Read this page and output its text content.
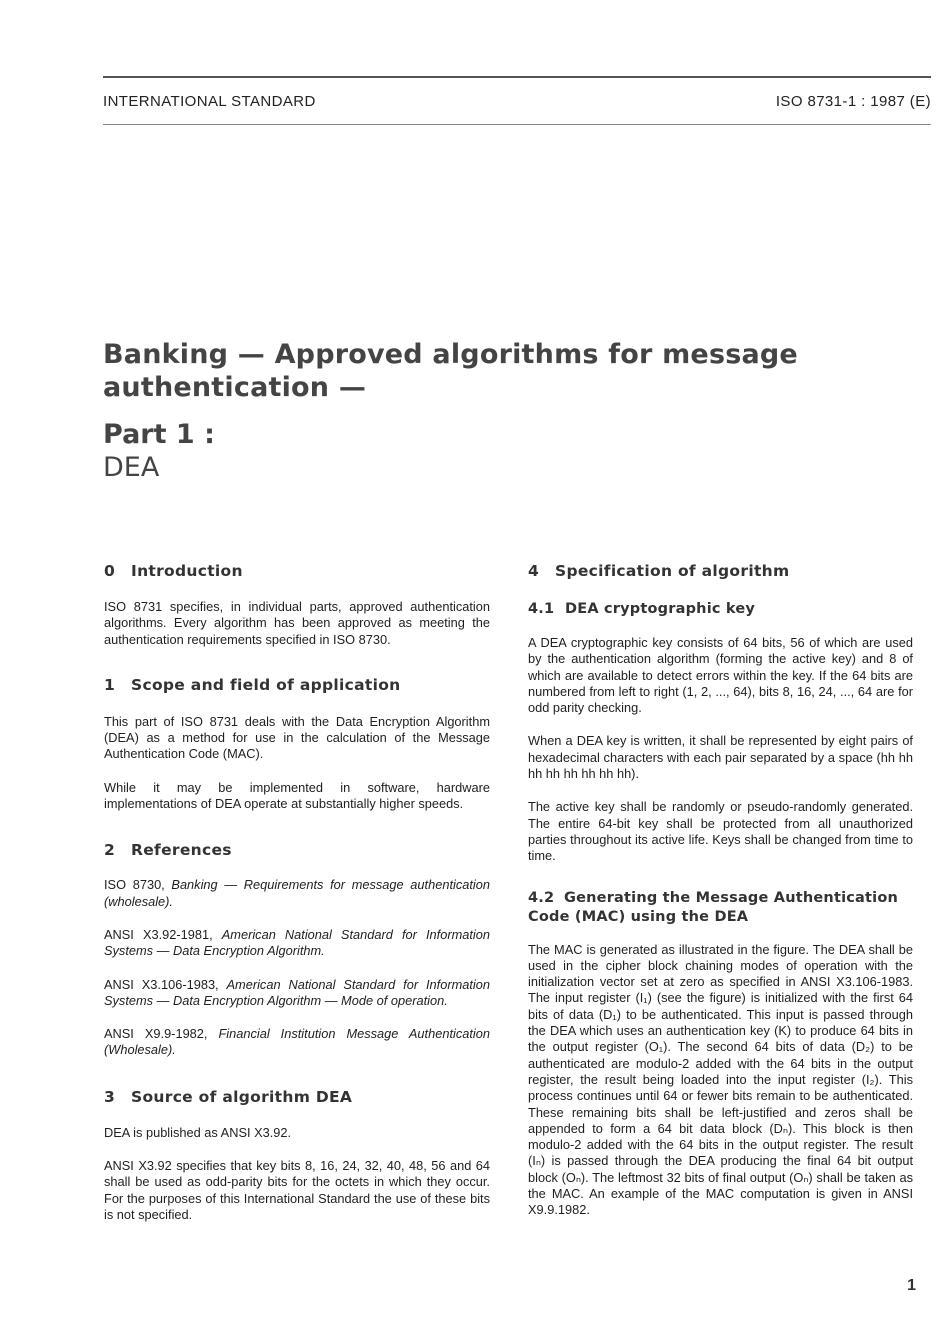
INTERNATIONAL STANDARD	ISO 8731-1 : 1987 (E)
Banking — Approved algorithms for message
authentication —
Part 1 :
DEA
0 Introduction

ISO 8731 specifies, in individual parts, approved authentication algorithms. Every algorithm has been approved as meeting the authentication requirements specified in ISO 8730.

1 Scope and field of application

This part of ISO 8731 deals with the Data Encryption Algorithm (DEA) as a method for use in the calculation of the Message Authentication Code (MAC).

While it may be implemented in software, hardware implementations of DEA operate at substantially higher speeds.

2 References

ISO 8730, Banking — Requirements for message authentication (wholesale).

ANSI X3.92-1981, American National Standard for Information Systems — Data Encryption Algorithm.

ANSI X3.106-1983, American National Standard for Information Systems — Data Encryption Algorithm — Mode of operation.

ANSI X9.9-1982, Financial Institution Message Authentication (Wholesale).

3 Source of algorithm DEA

DEA is published as ANSI X3.92.

ANSI X3.92 specifies that key bits 8, 16, 24, 32, 40, 48, 56 and 64 shall be used as odd-parity bits for the octets in which they occur. For the purposes of this International Standard the use of these bits is not specified.

4 Specification of algorithm
4.1 DEA cryptographic key

A DEA cryptographic key consists of 64 bits, 56 of which are used by the authentication algorithm (forming the active key) and 8 of which are available to detect errors within the key. If the 64 bits are numbered from left to right (1, 2, ..., 64), bits 8, 16, 24, ..., 64 are for odd parity checking.

When a DEA key is written, it shall be represented by eight pairs of hexadecimal characters with each pair separated by a space (hh hh hh hh hh hh hh hh).

The active key shall be randomly or pseudo-randomly generated. The entire 64-bit key shall be protected from all unauthorized parties throughout its active life. Keys shall be changed from time to time.

4.2 Generating the Message Authentication
Code (MAC) using the DEA

The MAC is generated as illustrated in the figure. The DEA shall be used in the cipher block chaining modes of operation with the initialization vector set at zero as specified in ANSI X3.106-1983. The input register (I₁) (see the figure) is initialized with the first 64 bits of data (D₁) to be authenticated. This input is passed through the DEA which uses an authentication key (K) to produce 64 bits in the output register (O₁). The second 64 bits of data (D₂) to be authenticated are modulo-2 added with the 64 bits in the output register, the result being loaded into the input register (I₂). This process continues until 64 or fewer bits remain to be authenticated. These remaining bits shall be left-justified and zeros shall be appended to form a 64 bit data block (Dₙ). This block is then modulo-2 added with the 64 bits in the output register. The result (Iₙ) is passed through the DEA producing the final 64 bit output block (Oₙ). The leftmost 32 bits of final output (Oₙ) shall be taken as the MAC. An example of the MAC computation is given in ANSI X9.9.1982.

1
